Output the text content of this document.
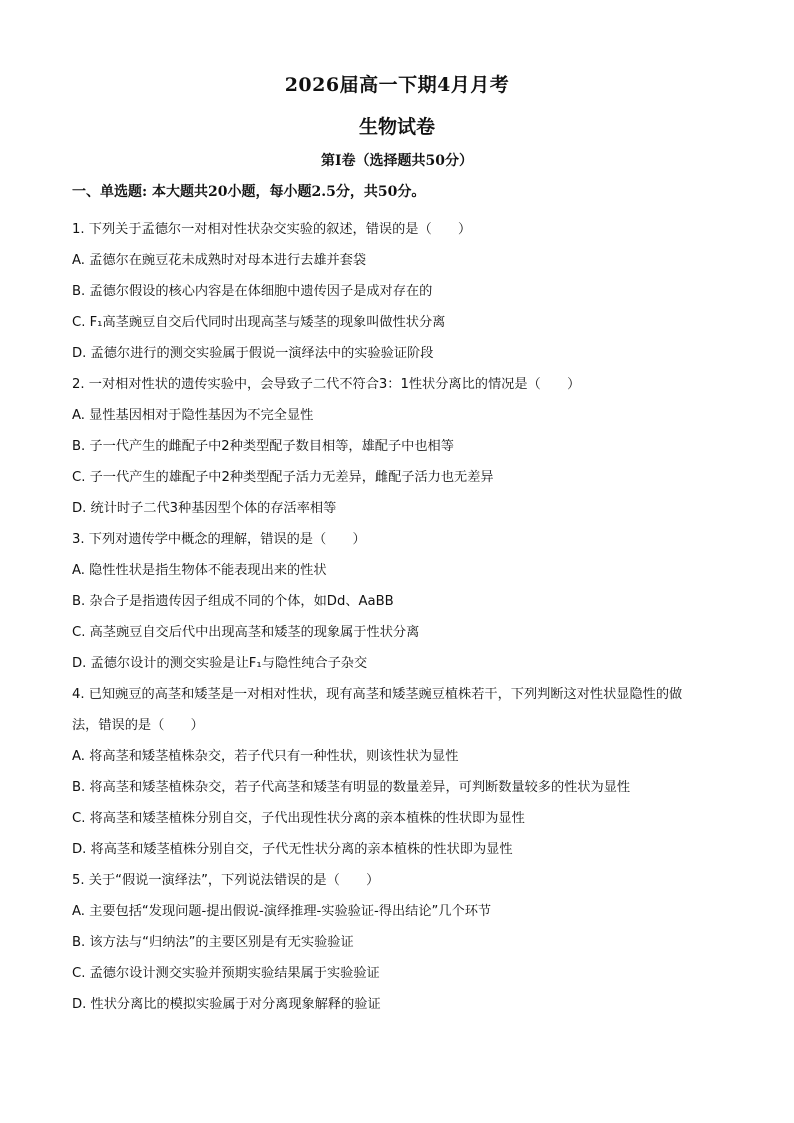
2026届高一下期4月月考
生物试卷
第Ⅰ卷（选择题共50分）
一、单选题: 本大题共20小题，每小题2.5分，共50分。
1. 下列关于孟德尔一对相对性状杂交实验的叙述，错误的是（　　）
A. 孟德尔在豌豆花未成熟时对母本进行去雄并套袋
B. 孟德尔假设的核心内容是在体细胞中遗传因子是成对存在的
C. F₁高茎豌豆自交后代同时出现高茎与矮茎的现象叫做性状分离
D. 孟德尔进行的测交实验属于假说一演绎法中的实验验证阶段
2. 一对相对性状的遗传实验中，会导致子二代不符合3：1性状分离比的情况是（　　）
A. 显性基因相对于隐性基因为不完全显性
B. 子一代产生的雌配子中2种类型配子数目相等，雄配子中也相等
C. 子一代产生的雄配子中2种类型配子活力无差异，雌配子活力也无差异
D. 统计时子二代3种基因型个体的存活率相等
3. 下列对遗传学中概念的理解，错误的是（　　）
A. 隐性性状是指生物体不能表现出来的性状
B. 杂合子是指遗传因子组成不同的个体，如Dd、AaBB
C. 高茎豌豆自交后代中出现高茎和矮茎的现象属于性状分离
D. 孟德尔设计的测交实验是让F₁与隐性纯合子杂交
4. 已知豌豆的高茎和矮茎是一对相对性状，现有高茎和矮茎豌豆植株若干，下列判断这对性状显隐性的做
法，错误的是（　　）
A. 将高茎和矮茎植株杂交，若子代只有一种性状，则该性状为显性
B. 将高茎和矮茎植株杂交，若子代高茎和矮茎有明显的数量差异，可判断数量较多的性状为显性
C. 将高茎和矮茎植株分别自交，子代出现性状分离的亲本植株的性状即为显性
D. 将高茎和矮茎植株分别自交，子代无性状分离的亲本植株的性状即为显性
5. 关于“假说一演绎法”，下列说法错误的是（　　）
A. 主要包括“发现问题-提出假说-演绎推理-实验验证-得出结论”几个环节
B. 该方法与“归纳法”的主要区别是有无实验验证
C. 孟德尔设计测交实验并预期实验结果属于实验验证
D. 性状分离比的模拟实验属于对分离现象解释的验证
